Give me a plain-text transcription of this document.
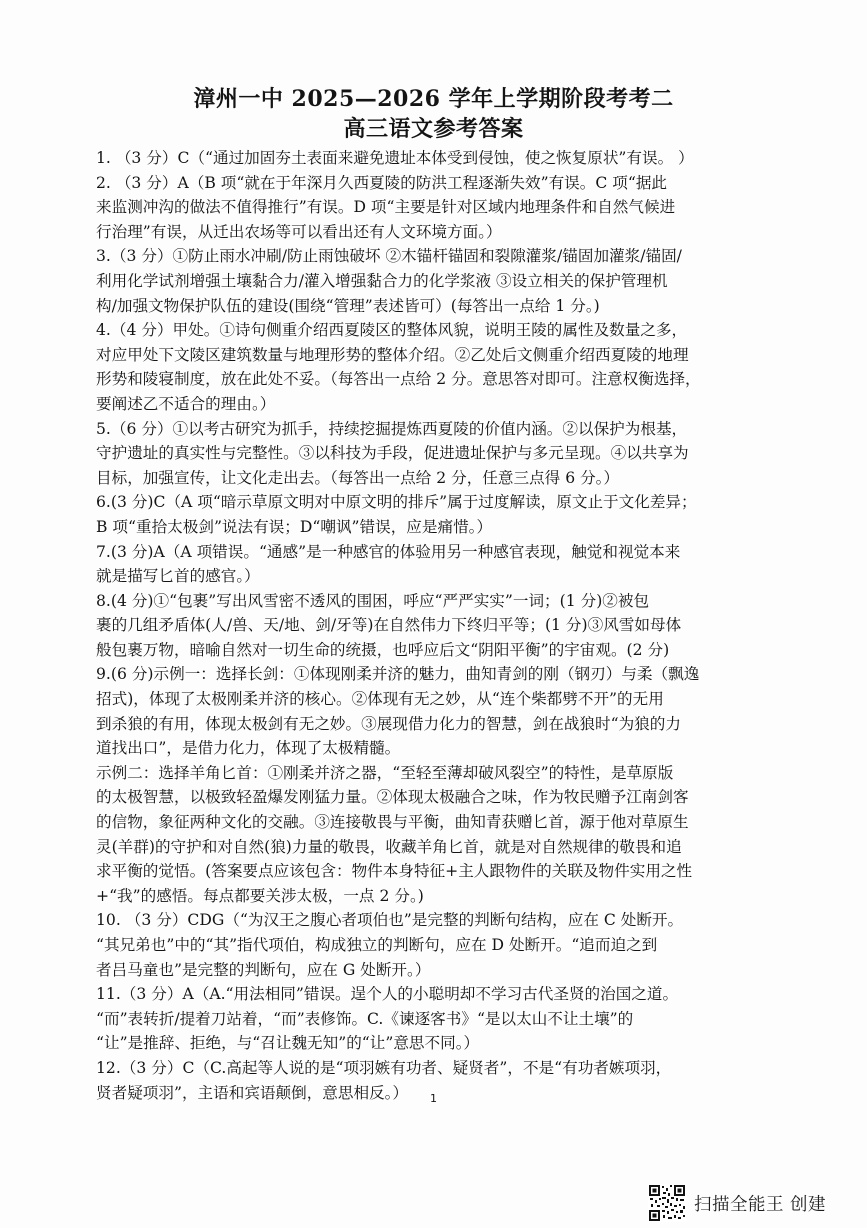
漳州一中 2025—2026 学年上学期阶段考考二
高三语文参考答案
1. （3 分）C（“通过加固夯土表面来避免遗址本体受到侵蚀，使之恢复原状”有误。 ）
2. （3 分）A（B 项“就在于年深月久西夏陵的防洪工程逐渐失效”有误。C 项“据此
来监测冲沟的做法不值得推行”有误。D 项“主要是针对区域内地理条件和自然气候进
行治理”有误，从迁出农场等可以看出还有人文环境方面。）
3.（3 分）①防止雨水冲刷/防止雨蚀破坏 ②木锚杆锚固和裂隙灌浆/锚固加灌浆/锚固/
利用化学试剂增强土壤黏合力/灌入增强黏合力的化学浆液 ③设立相关的保护管理机
构/加强文物保护队伍的建设(围绕“管理”表述皆可）(每答出一点给 1 分。)
4.（4 分）甲处。①诗句侧重介绍西夏陵区的整体风貌，说明王陵的属性及数量之多，
对应甲处下文陵区建筑数量与地理形势的整体介绍。②乙处后文侧重介绍西夏陵的地理
形势和陵寝制度，放在此处不妥。（每答出一点给 2 分。意思答对即可。注意权衡选择，
要阐述乙不适合的理由。）
5.（6 分）①以考古研究为抓手，持续挖掘提炼西夏陵的价值内涵。②以保护为根基，
守护遗址的真实性与完整性。③以科技为手段，促进遗址保护与多元呈现。④以共享为
目标，加强宣传，让文化走出去。（每答出一点给 2 分，任意三点得 6 分。）
6.(3 分)C（A 项“暗示草原文明对中原文明的排斥”属于过度解读，原文止于文化差异；
B 项“重拾太极剑”说法有误；D“嘲讽”错误，应是痛惜。）
7.(3 分)A（A 项错误。“通感”是一种感官的体验用另一种感官表现，触觉和视觉本来
就是描写匕首的感官。）
8.(4 分)①“包裹”写出风雪密不透风的围困，呼应“严严实实”一词；(1 分)②被包
裹的几组矛盾体(人/兽、天/地、剑/牙等)在自然伟力下终归平等；(1 分)③风雪如母体
般包裹万物，暗喻自然对一切生命的统摄，也呼应后文“阴阳平衡”的宇宙观。(2 分)
9.(6 分)示例一：选择长剑：①体现刚柔并济的魅力，曲知青剑的刚（钢刃）与柔（飘逸
招式)，体现了太极刚柔并济的核心。②体现有无之妙，从“连个柴都劈不开”的无用
到杀狼的有用，体现太极剑有无之妙。③展现借力化力的智慧，剑在战狼时“为狼的力
道找出口”，是借力化力，体现了太极精髓。
示例二：选择羊角匕首：①刚柔并济之器，“至轻至薄却破风裂空”的特性，是草原版
的太极智慧，以极致轻盈爆发刚猛力量。②体现太极融合之味，作为牧民赠予江南剑客
的信物，象征两种文化的交融。③连接敬畏与平衡，曲知青获赠匕首，源于他对草原生
灵(羊群)的守护和对自然(狼)力量的敬畏，收藏羊角匕首，就是对自然规律的敬畏和追
求平衡的觉悟。(答案要点应该包含：物件本身特征+主人跟物件的关联及物件实用之性
+“我”的感悟。每点都要关涉太极，一点 2 分。)
10. （3 分）CDG（“为汉王之腹心者项伯也”是完整的判断句结构，应在 C 处断开。
“其兄弟也”中的“其”指代项伯，构成独立的判断句，应在 D 处断开。“追而迫之到
者吕马童也”是完整的判断句，应在 G 处断开。）
11.（3 分）A（A.“用法相同”错误。逞个人的小聪明却不学习古代圣贤的治国之道。
“而”表转折/提着刀站着，“而”表修饰。C.《谏逐客书》“是以太山不让土壤”的
“让”是推辞、拒绝，与“召让魏无知”的“让”意思不同。）
12.（3 分）C（C.高起等人说的是“项羽嫉有功者、疑贤者”，不是“有功者嫉项羽，
贤者疑项羽”，主语和宾语颠倒，意思相反。）	1
扫描全能王 创建
